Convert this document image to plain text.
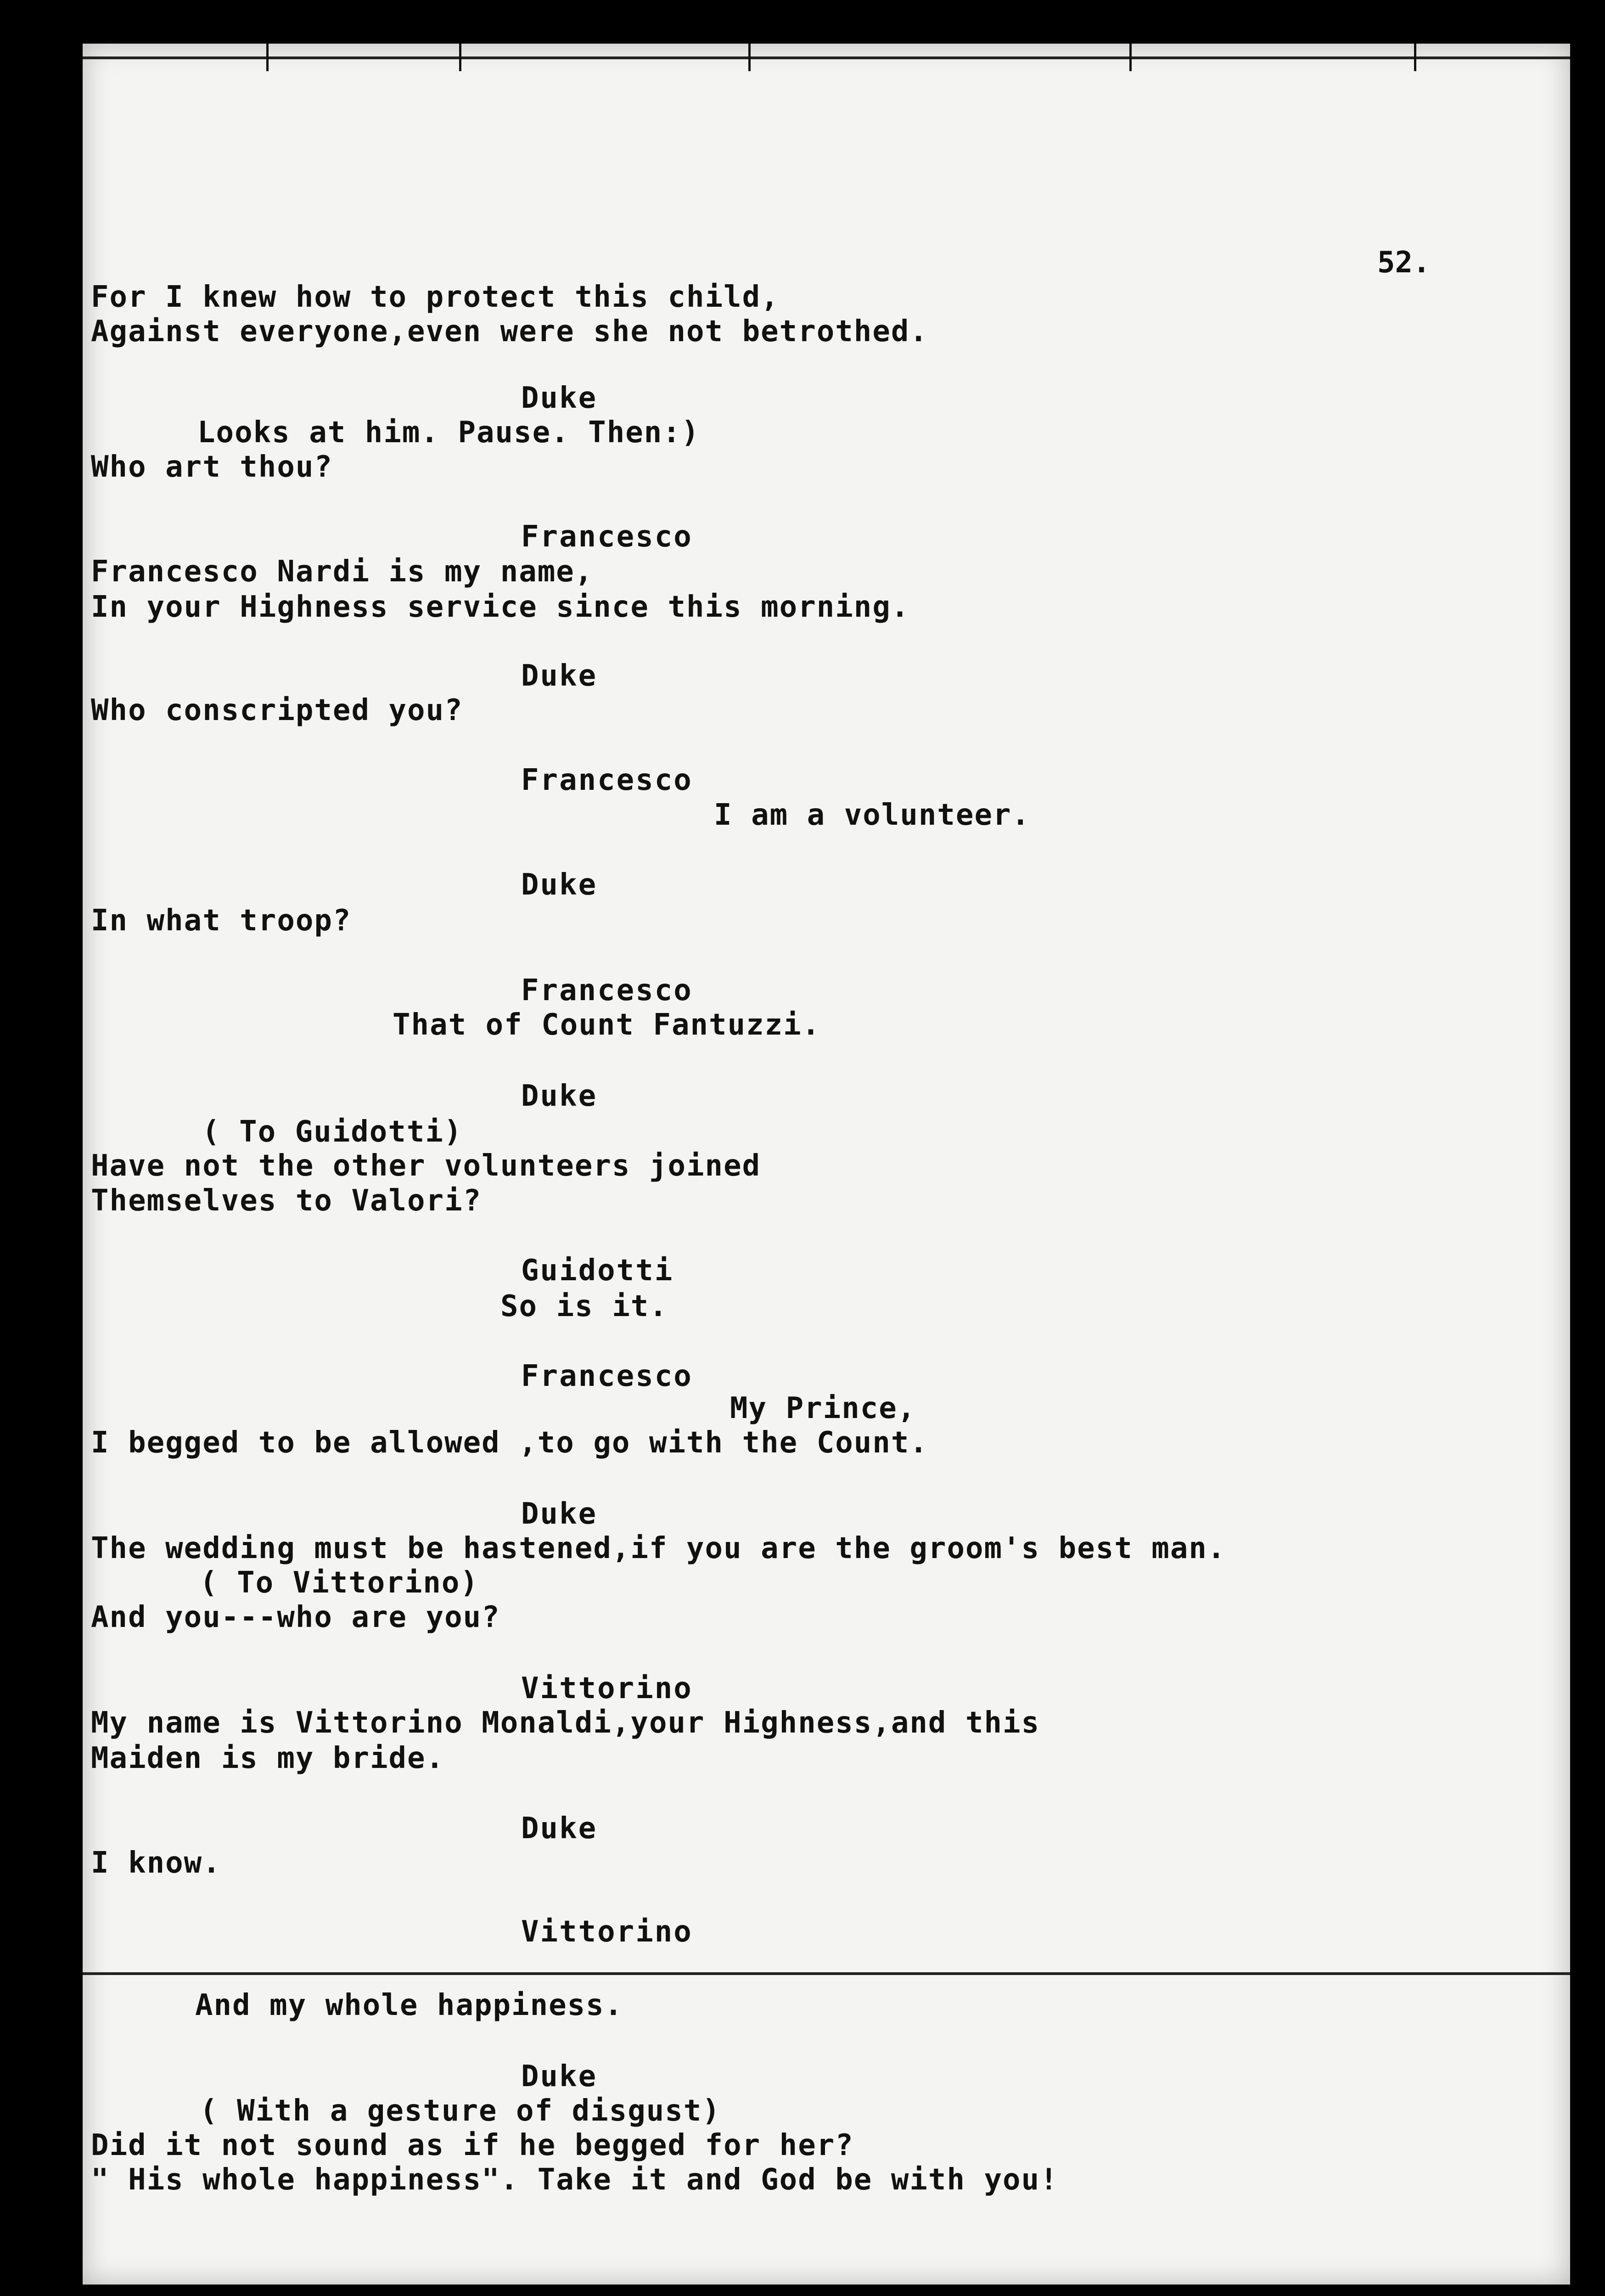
52.
For I knew how to protect this child,
Against everyone,even were she not betrothed.
Duke
Looks at him. Pause. Then:)
Who art thou?
Francesco
Francesco Nardi is my name,
In your Highness service since this morning.
Duke
Who conscripted you?
Francesco
I am a volunteer.
Duke
In what troop?
Francesco
That of Count Fantuzzi.
Duke
( To Guidotti)
Have not the other volunteers joined
Themselves to Valori?
Guidotti
So is it.
Francesco
My Prince,
I begged to be allowed ,to go with the Count.
Duke
The wedding must be hastened,if you are the groom's best man.
( To Vittorino)
And you---who are you?
Vittorino
My name is Vittorino Monaldi,your Highness,and this
Maiden is my bride.
Duke
I know.
Vittorino
And my whole happiness.
Duke
( With a gesture of disgust)
Did it not sound as if he begged for her?
" His whole happiness". Take it and God be with you!
